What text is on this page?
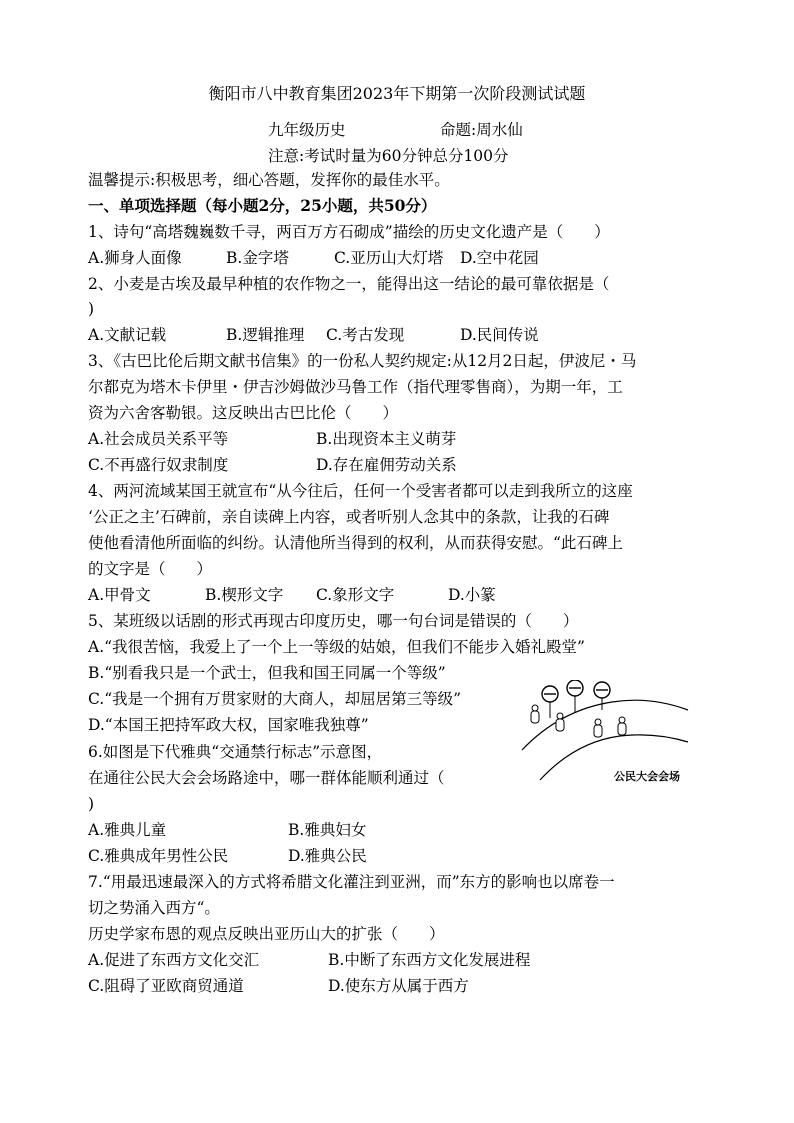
衡阳市八中教育集团2023年下期第一次阶段测试试题
九年级历史	命题:周水仙
注意:考试时量为60分钟总分100分
温馨提示:积极思考，细心答题，发挥你的最佳水平。
一、单项选择题（每小题2分，25小题，共50分）
1、诗句“高塔魏巍数千寻，两百万方石砌成”描绘的历史文化遗产是（　　）
A.狮身人面像	B.金字塔	C.亚历山大灯塔 D.空中花园
2、小麦是古埃及最早种植的农作物之一，能得出这一结论的最可靠依据是（
)
A.文献记载	B.逻辑推理 C.考古发现	D.民间传说
3、《古巴比伦后期文献书信集》的一份私人契约规定:从12月2日起，伊波尼・马
尔都克为塔木卡伊里・伊吉沙姆做沙马鲁工作（指代理零售商），为期一年，工
资为六舍客勒银。这反映出古巴比伦（　　）
A.社会成员关系平等	B.出现资本主义萌芽
C.不再盛行奴隶制度	D.存在雇佣劳动关系
4、两河流域某国王就宣布“从今往后，任何一个受害者都可以走到我所立的这座
‘公正之主’石碑前，亲自读碑上内容，或者听别人念其中的条款，让我的石碑
使他看清他所面临的纠纷。认清他所当得到的权利，从而获得安慰。“此石碑上
的文字是（　　）
A.甲骨文	B.楔形文字 C.象形文字	D.小篆
5、某班级以话剧的形式再现古印度历史，哪一句台词是错误的（　　）
A.“我很苦恼，我爱上了一个上一等级的姑娘，但我们不能步入婚礼殿堂”
B.“别看我只是一个武士，但我和国王同属一个等级”
C.“我是一个拥有万贯家财的大商人，却屈居第三等级”
D.“本国王把持军政大权，国家唯我独尊”
6.如图是下代雅典“交通禁行标志”示意图，
在通往公民大会会场路途中，哪一群体能顺利通过（
)
A.雅典儿童	B.雅典妇女
C.雅典成年男性公民	D.雅典公民
公民大会会场
7.“用最迅速最深入的方式将希腊文化灌注到亚洲，而”东方的影响也以席卷一
切之势涌入西方“。
历史学家布恩的观点反映出亚历山大的扩张（　　）
A.促进了东西方文化交汇	B.中断了东西方文化发展进程
C.阻碍了亚欧商贸通道	D.使东方从属于西方
